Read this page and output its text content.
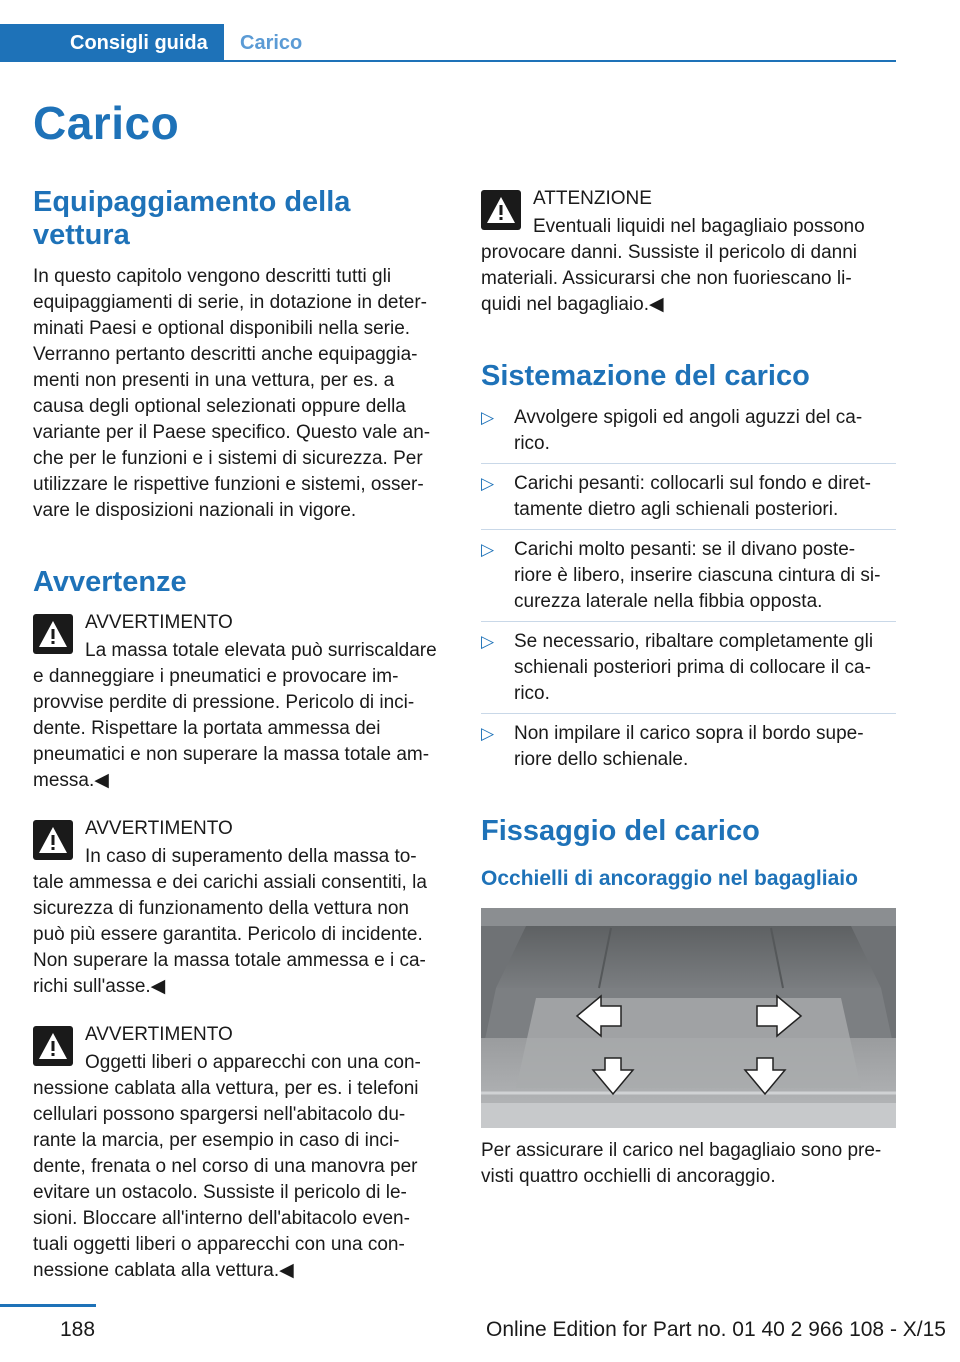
Consigli guida Carico
Carico
Equipaggiamento della vettura

In questo capitolo vengono descritti tutti gli

equipaggiamenti di serie, in dotazione in deter‐

minati Paesi e optional disponibili nella serie.

Verranno pertanto descritti anche equipaggia‐

menti non presenti in una vettura, per es. a

causa degli optional selezionati oppure della

variante per il Paese specifico. Questo vale an‐

che per le funzioni e i sistemi di sicurezza. Per

utilizzare le rispettive funzioni e sistemi, osser‐

vare le disposizioni nazionali in vigore.

Avvertenze

AVVERTIMENTO

La massa totale elevata può surriscaldare

e danneggiare i pneumatici e provocare im‐

provvise perdite di pressione. Pericolo di inci‐

dente. Rispettare la portata ammessa dei

pneumatici e non superare la massa totale am‐

messa.◀

AVVERTIMENTO

In caso di superamento della massa to‐

tale ammessa e dei carichi assiali consentiti, la

sicurezza di funzionamento della vettura non

può più essere garantita. Pericolo di incidente.

Non superare la massa totale ammessa e i ca‐

richi sull'asse.◀

AVVERTIMENTO

Oggetti liberi o apparecchi con una con‐

nessione cablata alla vettura, per es. i telefoni

cellulari possono spargersi nell'abitacolo du‐

rante la marcia, per esempio in caso di inci‐

dente, frenata o nel corso di una manovra per

evitare un ostacolo. Sussiste il pericolo di le‐

sioni. Bloccare all'interno dell'abitacolo even‐

tuali oggetti liberi o apparecchi con una con‐

nessione cablata alla vettura.◀

ATTENZIONE

Eventuali liquidi nel bagagliaio possono

provocare danni. Sussiste il pericolo di danni

materiali. Assicurarsi che non fuoriescano li‐

quidi nel bagagliaio.◀

Sistemazione del carico
▷ Avvolgere spigoli ed angoli aguzzi del ca‐

rico.

▷ Carichi pesanti: collocarli sul fondo e diret‐

tamente dietro agli schienali posteriori.

▷ Carichi molto pesanti: se il divano poste‐

riore è libero, inserire ciascuna cintura di si‐

curezza laterale nella fibbia opposta.

▷ Se necessario, ribaltare completamente gli

schienali posteriori prima di collocare il ca‐

rico.

▷ Non impilare il carico sopra il bordo supe‐

riore dello schienale.

Fissaggio del carico
Occhielli di ancoraggio nel bagagliaio

Per assicurare il carico nel bagagliaio sono pre‐

visti quattro occhielli di ancoraggio.

188	Online Edition for Part no. 01 40 2 966 108 - X/15
